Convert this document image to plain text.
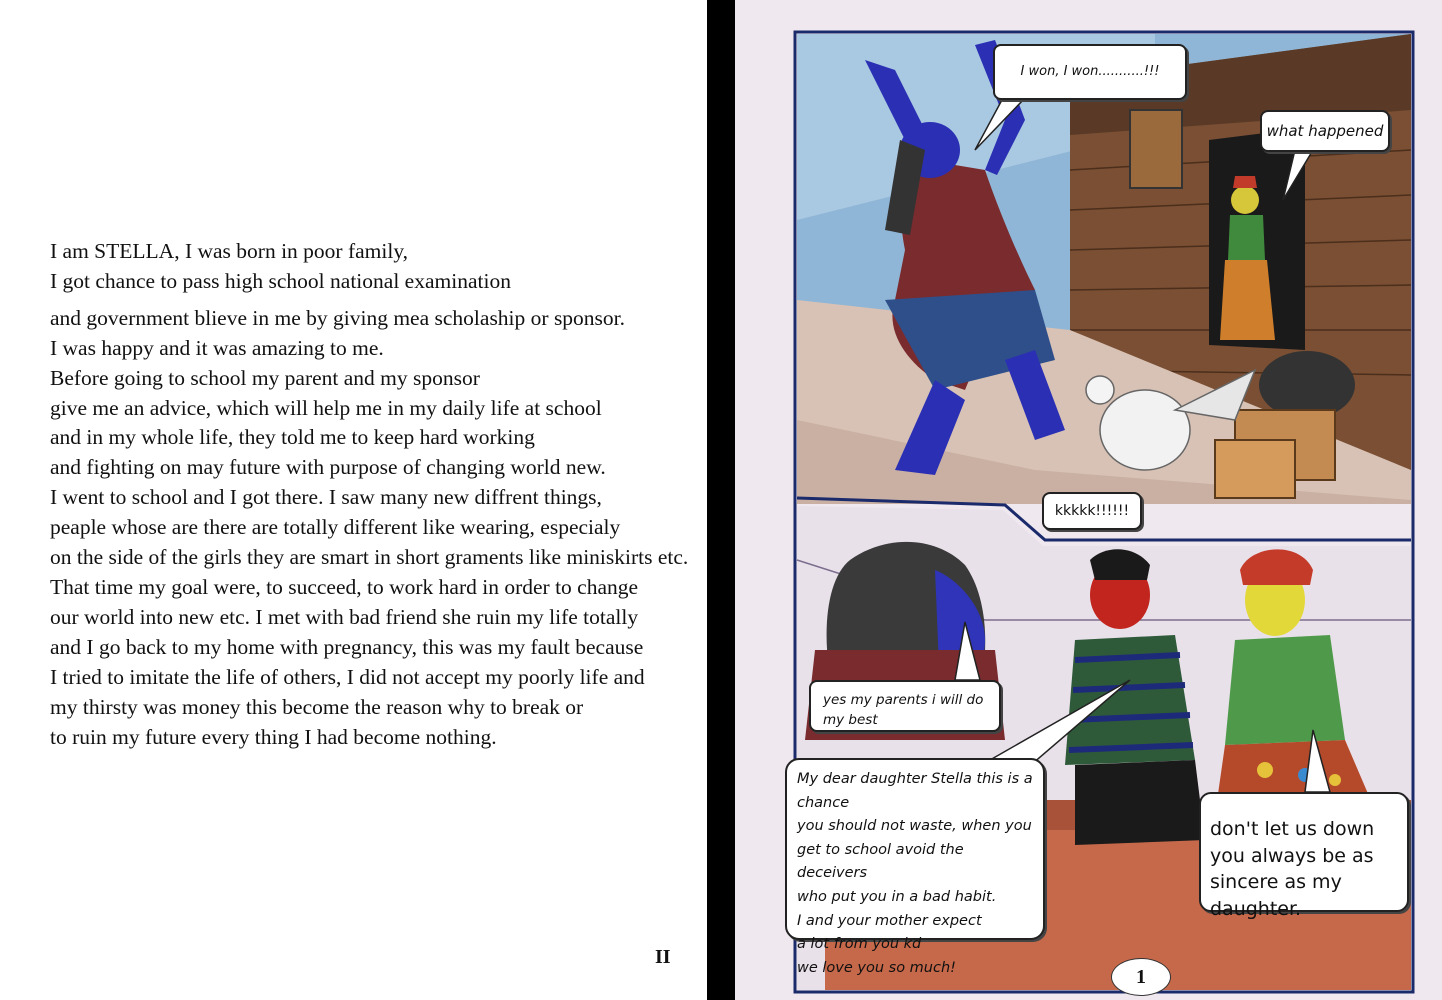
I am STELLA, I was born in poor family,
I got chance to pass high school national examination
and government blieve in me by giving mea scholaship or sponsor.
I was happy and it was amazing to me.
Before going to school my parent and my sponsor
give me an advice, which will help me in my daily life at school
and in my whole life, they told me to keep hard working
and fighting on may future with purpose of changing world new.
I went to school and I got there. I saw many new diffrent things,
peaple whose are there are totally different like wearing, especialy
on the side of the girls they are smart in short graments like miniskirts etc.
That time my goal were, to succeed, to work hard in order to change
our world into new etc. I met with bad friend she ruin my life totally
and I go back to my home with pregnancy, this was my fault because
I tried to imitate the life of others, I did not accept my poorly life and
my thirsty was money this become the reason why to break or
to ruin my future every thing I had become nothing.
II
I won, I won...........!!!
what happened
kkkkk!!!!!!
yes my parents i will do
my best
My dear daughter Stella this is a chance
you should not waste, when you
get to school avoid the deceivers
who put you in a bad habit.
I and your mother expect
a lot from you kd
we love you so much!
don't let us down
you always be as
sincere as my daughter.
1
